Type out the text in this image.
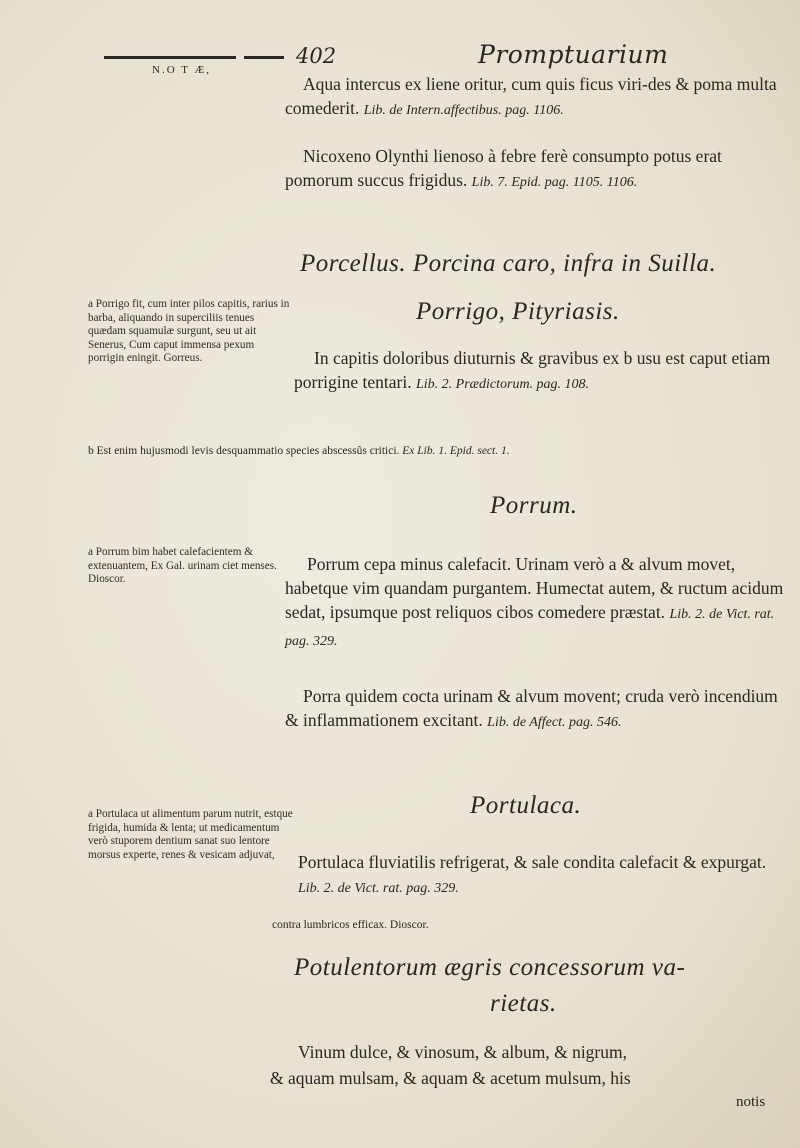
N.O T Æ,
402	Promptuarium
Aqua intercus ex liene oritur, cum quis ficus viri-des & poma multa comederit. Lib. de Intern.affectibus. pag. 1106.
Nicoxeno Olynthi lienoso à febre ferè consumpto potus erat pomorum succus frigidus. Lib. 7. Epid. pag. 1105. 1106.
Porcellus. Porcina caro, infra in Suilla.
Porrigo, Pityriasis.
a Porrigo fit, cum inter pilos capitis, rarius in barba, aliquando in superciliis tenues quædam squamulæ surgunt, seu ut ait Senerus, Cum caput immensa pexum porrigin eningit. Gorreus.	In capitis doloribus diuturnis & gravibus ex b usu est caput etiam porrigine tentari. Lib. 2. Prædictorum. pag. 108.
b Est enim hujusmodi levis desquammatio species abscessûs critici. Ex Lib. 1. Epid. sect. 1.
Porrum.
a Porrum bim habet calefacientem & extenuantem, Ex Gal. urinam ciet menses. Dioscor.
Porrum cepa minus calefacit. Urinam verò a & alvum movet, habetque vim quandam purgantem. Humectat autem, & ructum acidum sedat, ipsumque post reliquos cibos comedere præstat. Lib. 2. de Vict. rat. pag. 329.
Porra quidem cocta urinam & alvum movent; cruda verò incendium & inflammationem excitant. Lib. de Affect. pag. 546.
Portulaca.
a Portulaca ut alimentum parum nutrit, estque frigida, humida & lenta; ut medicamentum verò stuporem dentium sanat suo lentore morsus experte, renes & vesicam adjuvat,	Portulaca fluviatilis refrigerat, & sale condita calefacit & expurgat. Lib. 2. de Vict. rat. pag. 329.
contra lumbricos efficax. Dioscor.
Potulentorum ægris concessorum va-
rietas.
Vinum dulce, & vinosum, & album, & nigrum,
& aquam mulsam, & aquam & acetum mulsum, his
notis
